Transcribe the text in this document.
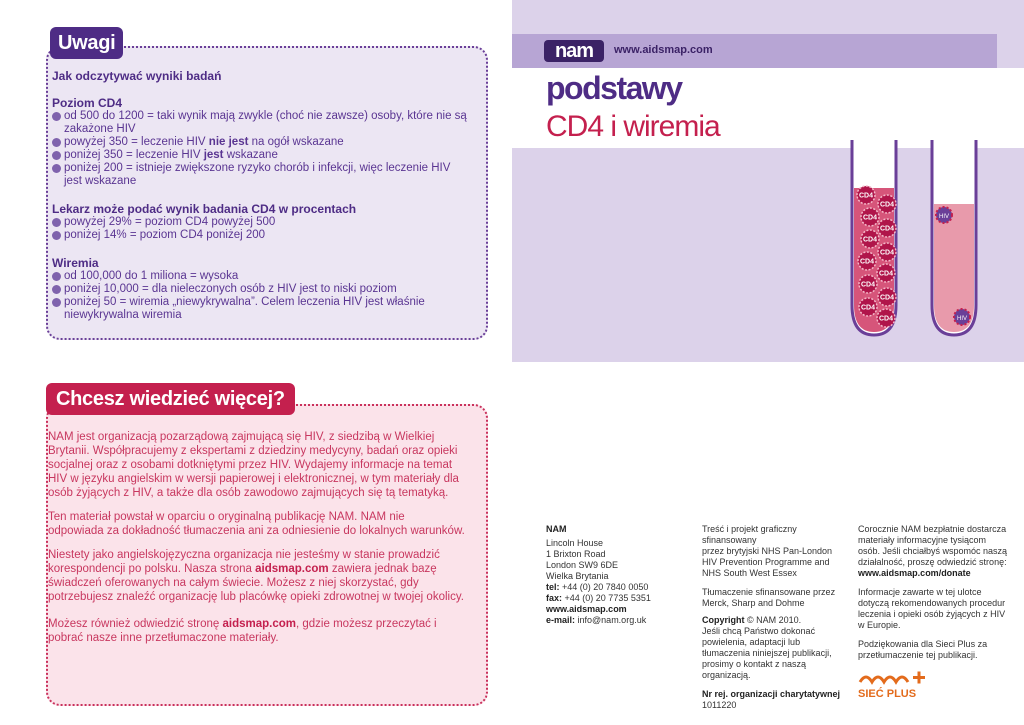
Uwagi
Jak odczytywać wyniki badań
Poziom CD4
od 500 do 1200 = taki wynik mają zwykle (choć nie zawsze) osoby, które nie są
zakażone HIV
powyżej 350 = leczenie HIV nie jest na ogół wskazane
poniżej 350 = leczenie HIV jest wskazane
poniżej 200 = istnieje zwiększone ryzyko chorób i infekcji, więc leczenie HIV
jest wskazane
Lekarz może podać wynik badania CD4 w procentach
powyżej 29% = poziom CD4 powyżej 500
poniżej 14% = poziom CD4 poniżej 200
Wiremia
od 100,000 do 1 miliona = wysoka
poniżej 10,000 = dla nieleczonych osób z HIV jest to niski poziom
poniżej 50 = wiremia „niewykrywalna”. Celem leczenia HIV jest właśnie
niewykrywalna wiremia
Chcesz wiedzieć więcej?
NAM jest organizacją pozarządową zajmującą się HIV, z siedzibą w Wielkiej
Brytanii. Współpracujemy z ekspertami z dziedziny medycyny, badań oraz opieki
socjalnej oraz z osobami dotkniętymi przez HIV. Wydajemy informacje na temat
HIV w języku angielskim w wersji papierowej i elektronicznej, w tym materiały dla
osób żyjących z HIV, a także dla osób zawodowo zajmujących się tą tematyką.
Ten materiał powstał w oparciu o oryginalną publikację NAM. NAM nie
odpowiada za dokładność tłumaczenia ani za odniesienie do lokalnych warunków.
Niestety jako angielskojęzyczna organizacja nie jesteśmy w stanie prowadzić
korespondencji po polsku. Nasza strona aidsmap.com zawiera jednak bazę
świadczeń oferowanych na całym świecie. Możesz z niej skorzystać, gdy
potrzebujesz znaleźć organizację lub placówkę opieki zdrowotnej w twojej okolicy.
Możesz również odwiedzić stronę aidsmap.com, gdzie możesz przeczytać i
pobrać nasze inne przetłumaczone materiały.
nam	www.aidsmap.com
podstawy
CD4 i wiremia
CD4
CD4
CD4
CD4
CD4
CD4
CD4
CD4
CD4
CD4
CD4
CD4
HIV
HIV
NAM
Lincoln House
1 Brixton Road
London SW9 6DE
Wielka Brytania
tel: +44 (0) 20 7840 0050
fax: +44 (0) 20 7735 5351
www.aidsmap.com
e-mail: info@nam.org.uk
Treść i projekt graficzny sfinansowany
przez brytyjski NHS Pan-London
HIV Prevention Programme and
NHS South West Essex
Tłumaczenie sfinansowane przez
Merck, Sharp and Dohme
Copyright © NAM 2010.
Jeśli chcą Państwo dokonać
powielenia, adaptacji lub
tłumaczenia niniejszej publikacji,
prosimy o kontakt z naszą
organizacją.
Nr rej. organizacji charytatywnej
1011220
Corocznie NAM bezpłatnie dostarcza
materiały informacyjne tysiącom
osób. Jeśli chciałbyś wspomóc naszą
działalność, proszę odwiedzić stronę:
www.aidsmap.com/donate
Informacje zawarte w tej ulotce
dotyczą rekomendowanych procedur
leczenia i opieki osób żyjących z HIV
w Europie.
Podziękowania dla Sieci Plus za
przetłumaczenie tej publikacji.
SIEĆ PLUS
